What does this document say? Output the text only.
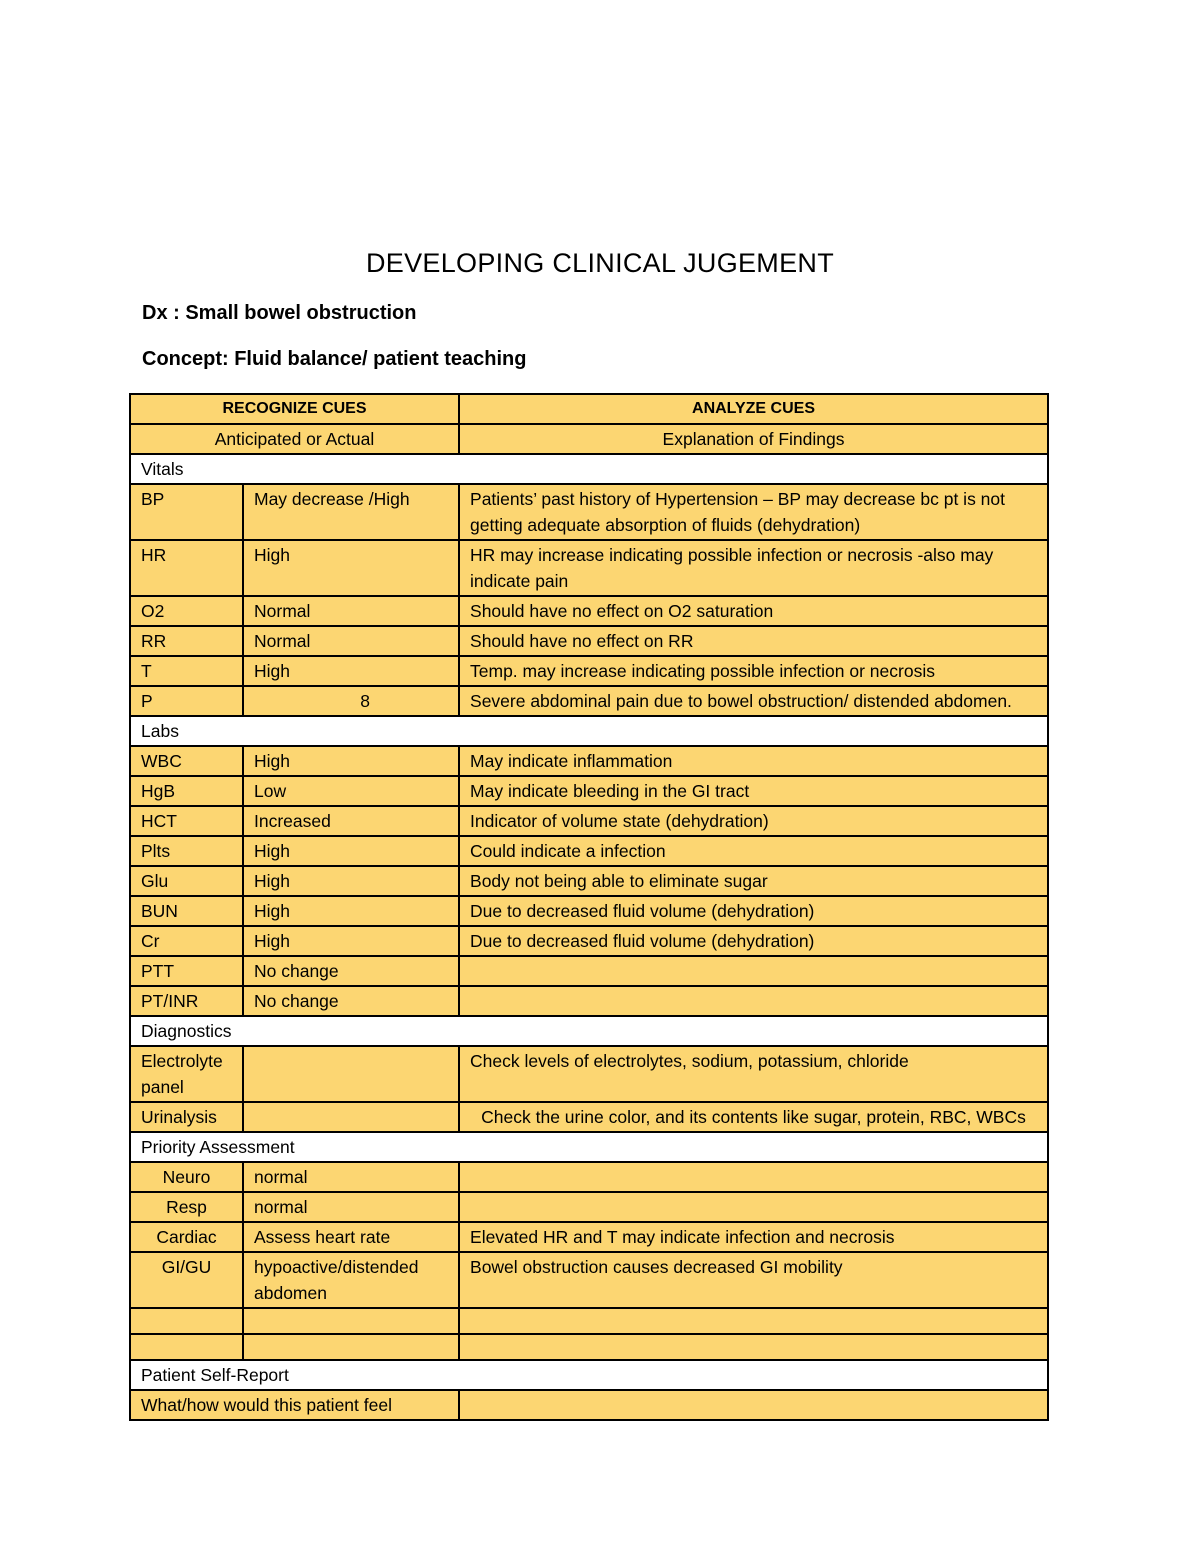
DEVELOPING CLINICAL JUGEMENT
Dx : Small bowel obstruction
Concept: Fluid balance/ patient teaching
RECOGNIZE CUES		ANALYZE CUES
Anticipated or Actual		Explanation of Findings
Vitals		
BP	May decrease /High	Patients’ past history of Hypertension – BP may decrease bc pt is not getting adequate absorption of fluids (dehydration)
HR	High	HR may increase indicating possible infection or necrosis -also may indicate pain
O2	Normal	Should have no effect on O2 saturation
RR	Normal	Should have no effect on RR
T	High	Temp. may increase indicating possible infection or necrosis
P	8	Severe abdominal pain due to bowel obstruction/ distended abdomen.
Labs		
WBC	High	May indicate inflammation
HgB	Low	May indicate bleeding in the GI tract
HCT	Increased	Indicator of volume state (dehydration)
Plts	High	Could indicate a infection
Glu	High	Body not being able to eliminate sugar
BUN	High	Due to decreased fluid volume (dehydration)
Cr	High	Due to decreased fluid volume (dehydration)
PTT	No change	
PT/INR	No change	
Diagnostics		
Electrolyte panel		Check levels of electrolytes, sodium, potassium, chloride
Urinalysis		Check the urine color, and its contents like sugar, protein, RBC, WBCs
Priority Assessment		
Neuro	normal	
Resp	normal	
Cardiac	Assess heart rate	Elevated HR and T may indicate infection and necrosis
GI/GU	hypoactive/distended abdomen	Bowel obstruction causes decreased GI mobility

Patient Self-Report		
What/how would this patient feel		
